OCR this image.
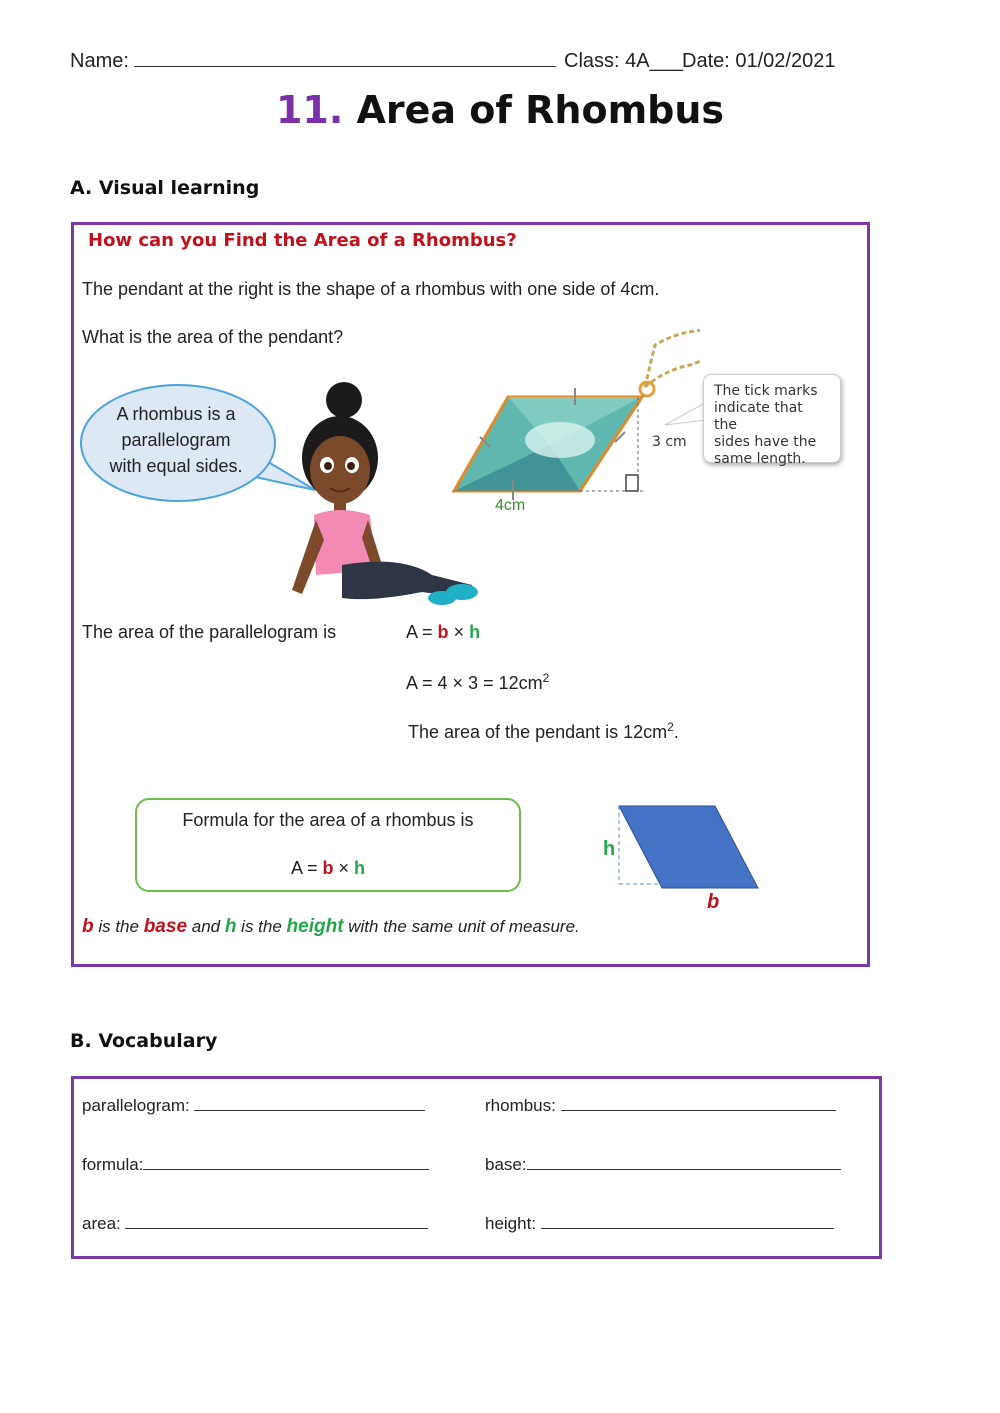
Name:	Class: 4A___ Date: 01/02/2021
11. Area of Rhombus
A. Visual learning
How can you Find the Area of a Rhombus?
The pendant at the right is the shape of a rhombus with one side of 4cm.
What is the area of the pendant?
A rhombus is a
parallelogram
with equal sides.
3 cm
4cm
The tick marks
indicate that the
sides have the
same length.
The area of the parallelogram is	A = b × h
$A = 4 \times 3 = 12cm^2$
The area of the pendant is $12cm^2$.
Formula for the area of a rhombus is
A = b × h
h
b
b is the base and h is the height with the same unit of measure.
B. Vocabulary
parallelogram:	rhombus:
formula:	base:
area:	height:
